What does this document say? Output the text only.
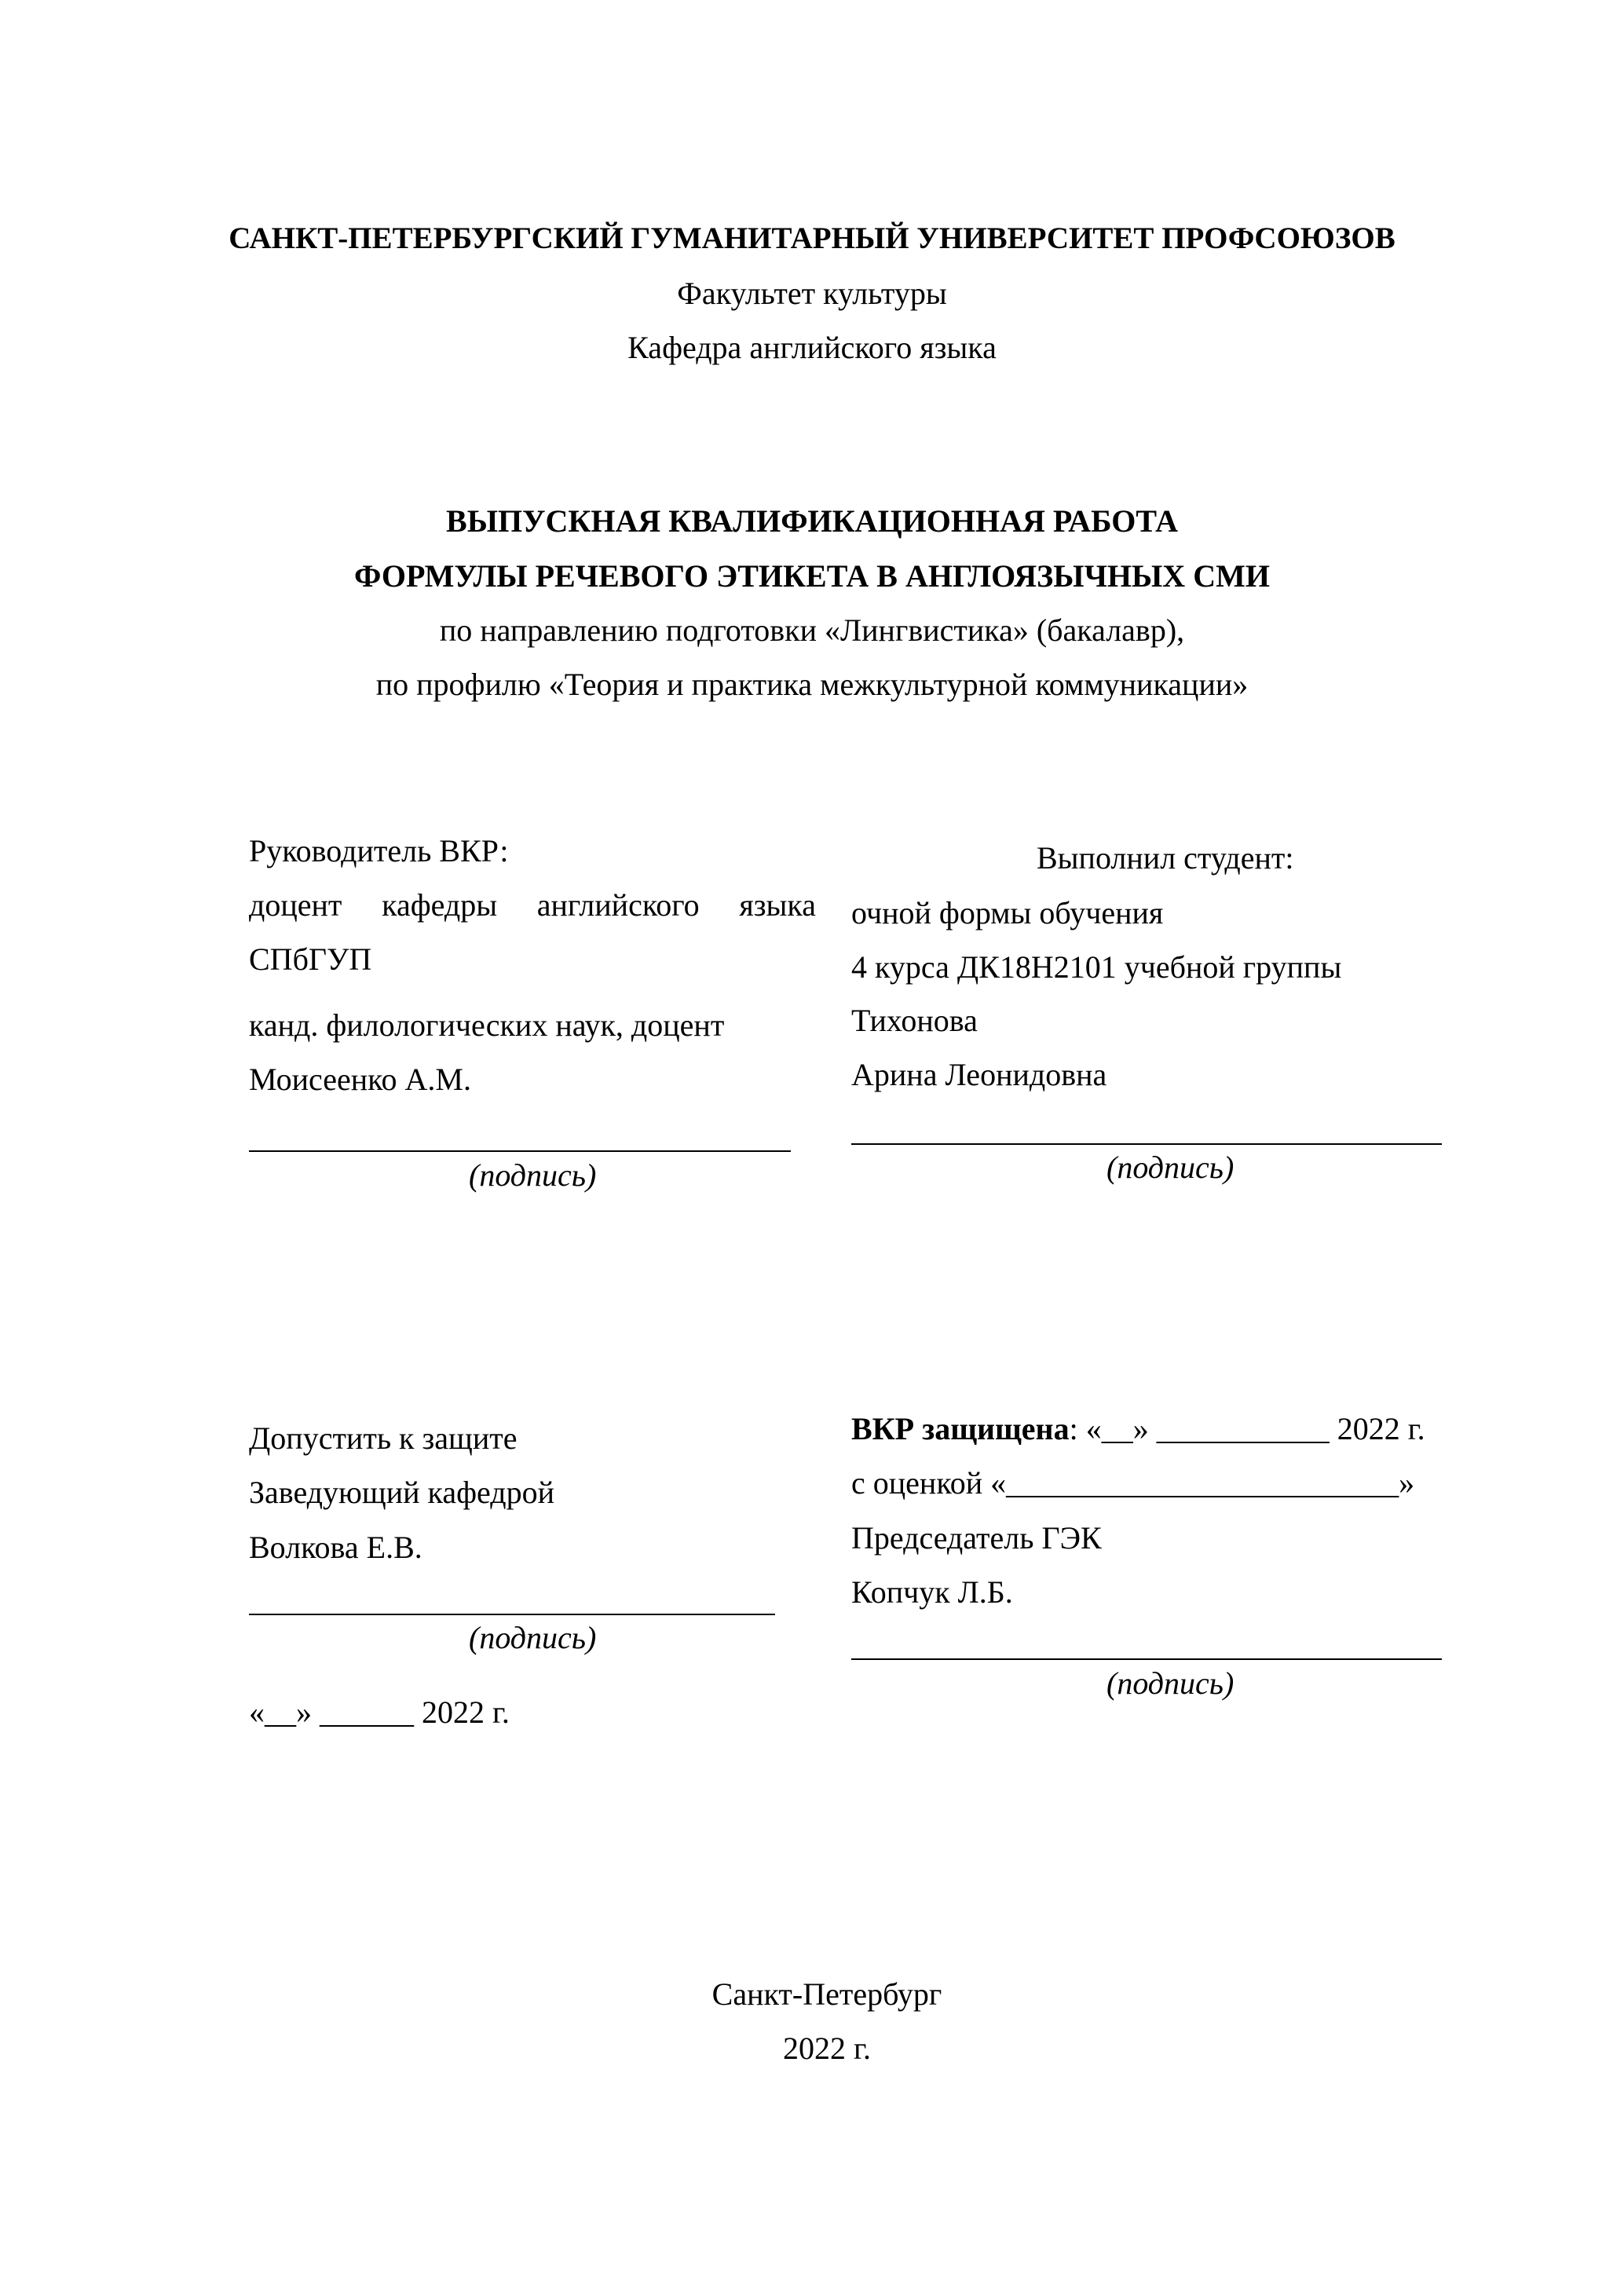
САНКТ-ПЕТЕРБУРГСКИЙ ГУМАНИТАРНЫЙ УНИВЕРСИТЕТ ПРОФСОЮЗОВ
Факультет культуры
Кафедра английского языка
ВЫПУСКНАЯ КВАЛИФИКАЦИОННАЯ РАБОТА
ФОРМУЛЫ РЕЧЕВОГО ЭТИКЕТА В АНГЛОЯЗЫЧНЫХ СМИ
по направлению подготовки «Лингвистика» (бакалавр),
по профилю «Теория и практика межкультурной коммуникации»
Руководитель ВКР:
доцент кафедры английского языка
СПбГУП
канд. филологических наук, доцент
Моисеенко А.М.
(подпись)
Выполнил студент:
очной формы обучения
4 курса ДК18Н2101 учебной группы
Тихонова
Арина Леонидовна
(подпись)
Допустить к защите
Заведующий кафедрой
Волкова Е.В.
(подпись)
«__» ______ 2022 г.
ВКР защищена: «__» ___________ 2022 г.
с оценкой «_________________________»
Председатель ГЭК
Копчук Л.Б.
(подпись)
Санкт-Петербург
2022 г.
